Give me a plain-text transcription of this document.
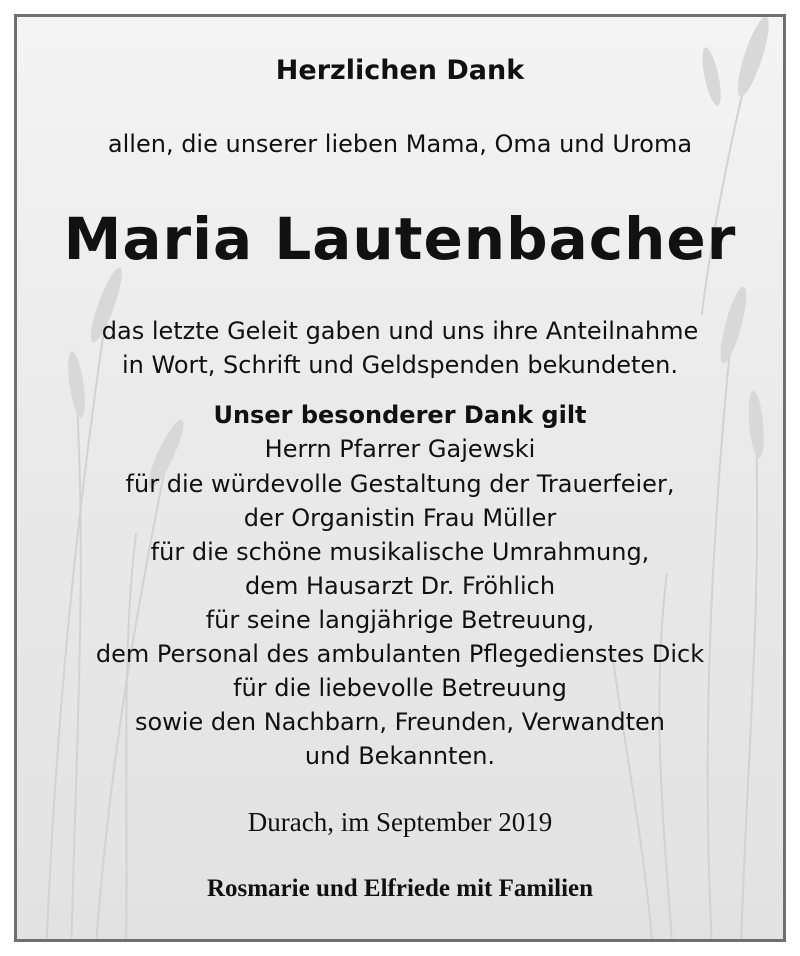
Herzlichen Dank
allen, die unserer lieben Mama, Oma und Uroma
Maria Lautenbacher
das letzte Geleit gaben und uns ihre Anteilnahme
in Wort, Schrift und Geldspenden bekundeten.
Unser besonderer Dank gilt
Herrn Pfarrer Gajewski
für die würdevolle Gestaltung der Trauerfeier,
der Organistin Frau Müller
für die schöne musikalische Umrahmung,
dem Hausarzt Dr. Fröhlich
für seine langjährige Betreuung,
dem Personal des ambulanten Pflegedienstes Dick
für die liebevolle Betreuung
sowie den Nachbarn, Freunden, Verwandten
und Bekannten.
Durach, im September 2019
Rosmarie und Elfriede mit Familien
